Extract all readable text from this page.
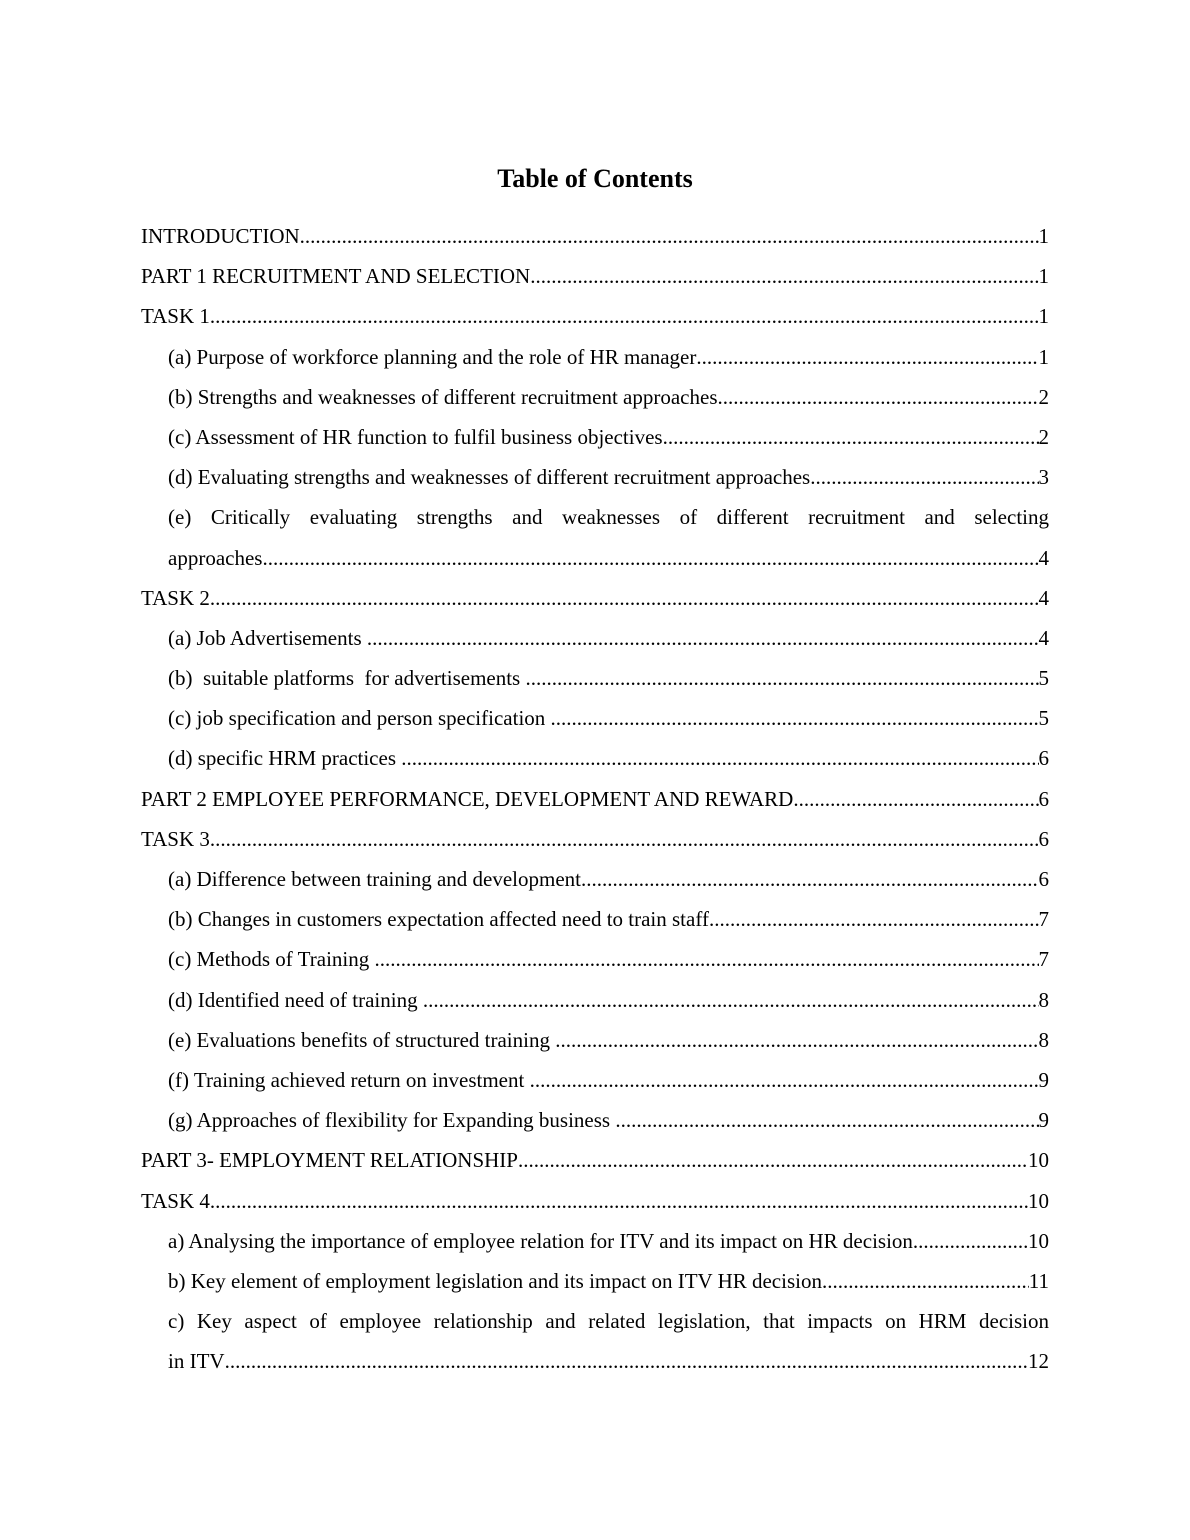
Table of Contents
INTRODUCTION .....	1
PART 1 RECRUITMENT AND SELECTION .....	1
TASK 1 .....	1
(a) Purpose of workforce planning and the role of HR manager .....	1
(b) Strengths and weaknesses of different recruitment approaches .....	2
(c) Assessment of HR function to fulfil business objectives .....	2
(d) Evaluating strengths and weaknesses of different recruitment approaches .....	3
(e) Critically evaluating strengths and weaknesses of different recruitment and selecting
approaches .....	4
TASK 2 .....	4
(a) Job Advertisements .....	4
(b)  suitable platforms  for advertisements .....	5
(c) job specification and person specification .....	5
(d) specific HRM practices .....	6
PART 2 EMPLOYEE PERFORMANCE, DEVELOPMENT AND REWARD .....	6
TASK 3 .....	6
(a) Difference between training and development .....	6
(b) Changes in customers expectation affected need to train staff .....	7
(c) Methods of Training .....	7
(d) Identified need of training .....	8
(e) Evaluations benefits of structured training .....	8
(f) Training achieved return on investment .....	9
(g) Approaches of flexibility for Expanding business .....	9
PART 3- EMPLOYMENT RELATIONSHIP .....	10
TASK 4 .....	10
a) Analysing the importance of employee relation for ITV and its impact on HR decision .....	10
b) Key element of employment legislation and its impact on ITV HR decision .....	11
c) Key aspect of employee relationship and related legislation, that impacts on HRM decision
in ITV .....	12
